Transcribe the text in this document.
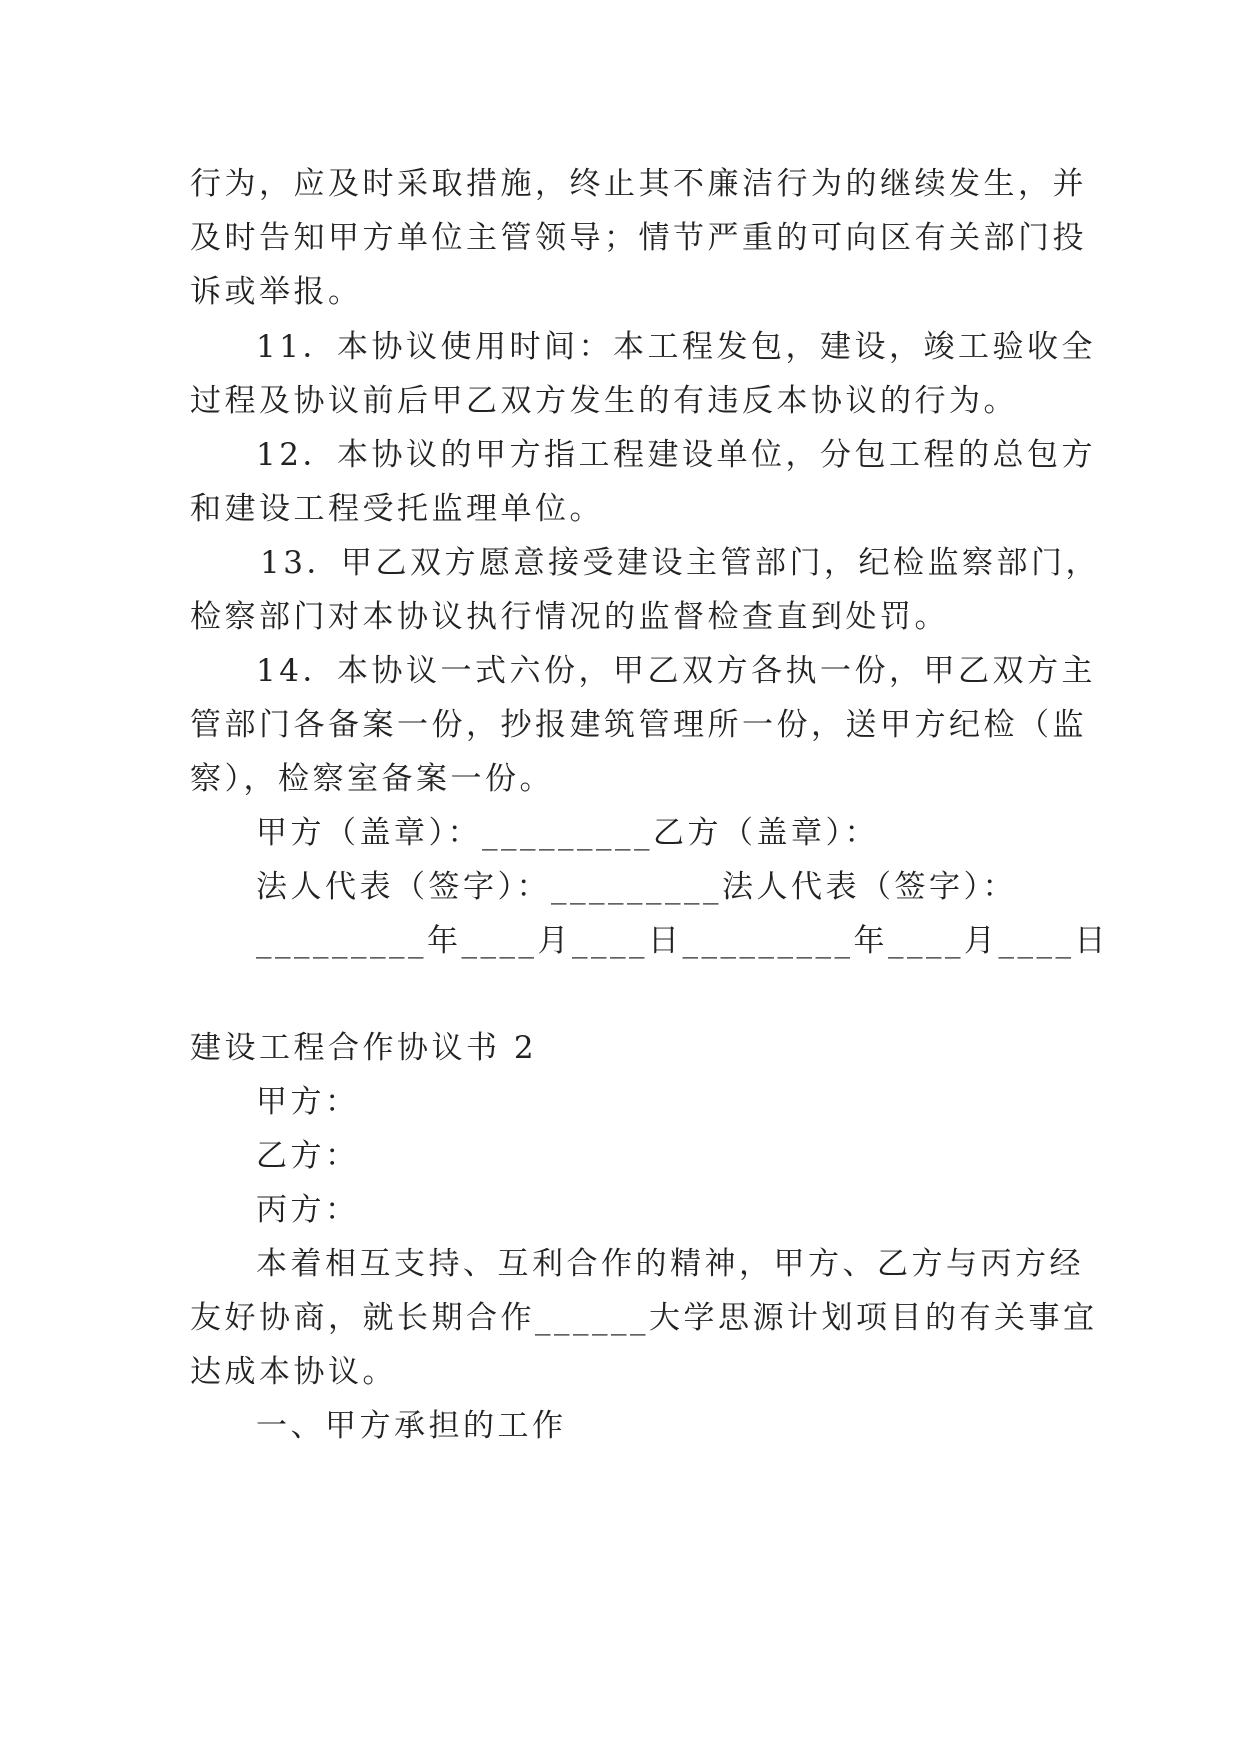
行为，应及时采取措施，终止其不廉洁行为的继续发生，并
及时告知甲方单位主管领导；情节严重的可向区有关部门投
诉或举报。
11．本协议使用时间：本工程发包，建设，竣工验收全
过程及协议前后甲乙双方发生的有违反本协议的行为。
12．本协议的甲方指工程建设单位，分包工程的总包方
和建设工程受托监理单位。
13．甲乙双方愿意接受建设主管部门，纪检监察部门，
检察部门对本协议执行情况的监督检查直到处罚。
14．本协议一式六份，甲乙双方各执一份，甲乙双方主
管部门各备案一份，抄报建筑管理所一份，送甲方纪检（监
察），检察室备案一份。
甲方（盖章）：_________乙方（盖章）：
法人代表（签字）：_________法人代表（签字）：
_________年____月____日_________年____月____日
建设工程合作协议书 2
甲方：
乙方：
丙方：
本着相互支持、互利合作的精神，甲方、乙方与丙方经
友好协商，就长期合作______大学思源计划项目的有关事宜
达成本协议。
一、甲方承担的工作
